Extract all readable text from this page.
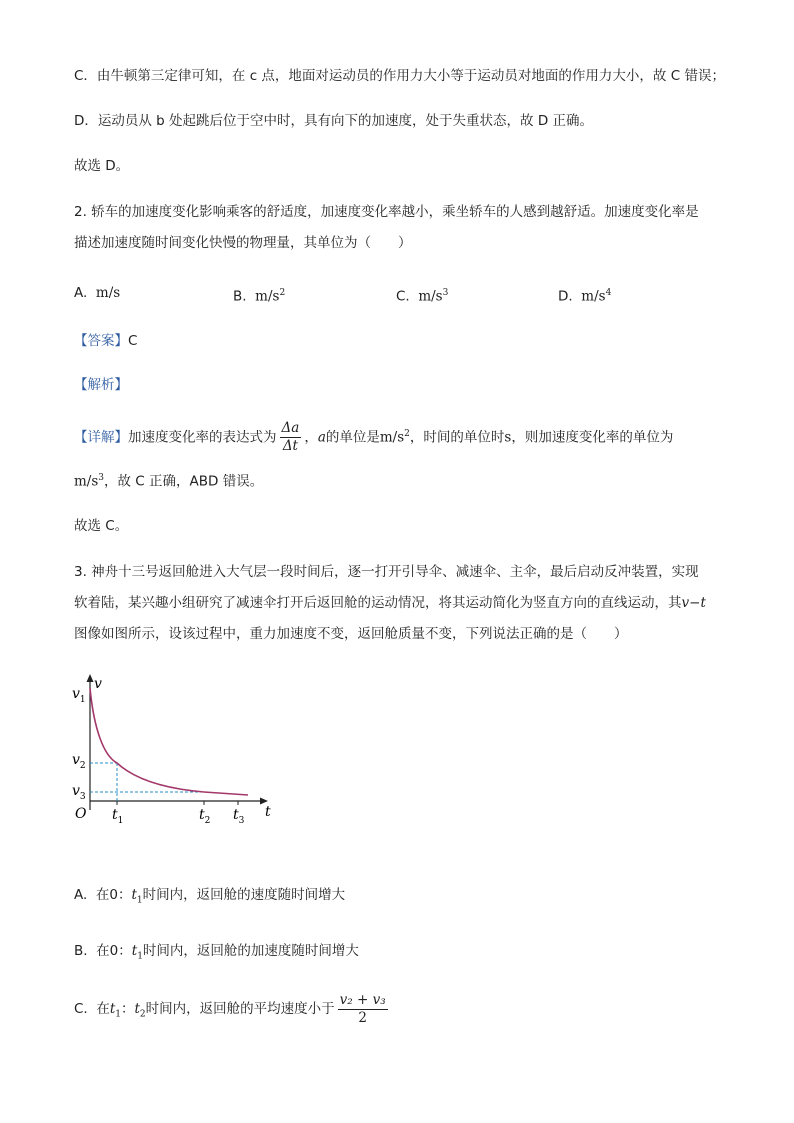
C．由牛顿第三定律可知，在 c 点，地面对运动员的作用力大小等于运动员对地面的作用力大小，故 C 错误；
D．运动员从 b 处起跳后位于空中时，具有向下的加速度，处于失重状态，故 D 正确。
故选 D。
2. 轿车的加速度变化影响乘客的舒适度，加速度变化率越小，乘坐轿车的人感到越舒适。加速度变化率是
描述加速度随时间变化快慢的物理量，其单位为（　　）
A. m/s	B. $m/s^2$	C. $m/s^3$	D. $m/s^4$
【答案】C
【解析】
【详解】加速度变化率的表达式为 $\frac{\Delta a}{\Delta t}$ ，a的单位是$m/s^2$，时间的单位时s，则加速度变化率的单位为
$m/s^3$，故 C 正确，ABD 错误。
故选 C。
3. 神舟十三号返回舱进入大气层一段时间后，逐一打开引导伞、减速伞、主伞，最后启动反冲装置，实现
软着陆，某兴趣小组研究了减速伞打开后返回舱的运动情况，将其运动简化为竖直方向的直线运动，其v−t
图像如图所示，设该过程中，重力加速度不变，返回舱质量不变，下列说法正确的是（　　）
$v_1$
v
$v_2$
$v_3$
O $t_1$	$t_2$ $t_3$
t
A. 在0：$t_1$时间内，返回舱的速度随时间增大
B. 在0：$t_1$时间内，返回舱的加速度随时间增大
C. 在$t_1$：$t_2$时间内，返回舱的平均速度小于 $\frac{\text{v₂ + v₃}}{2}$
